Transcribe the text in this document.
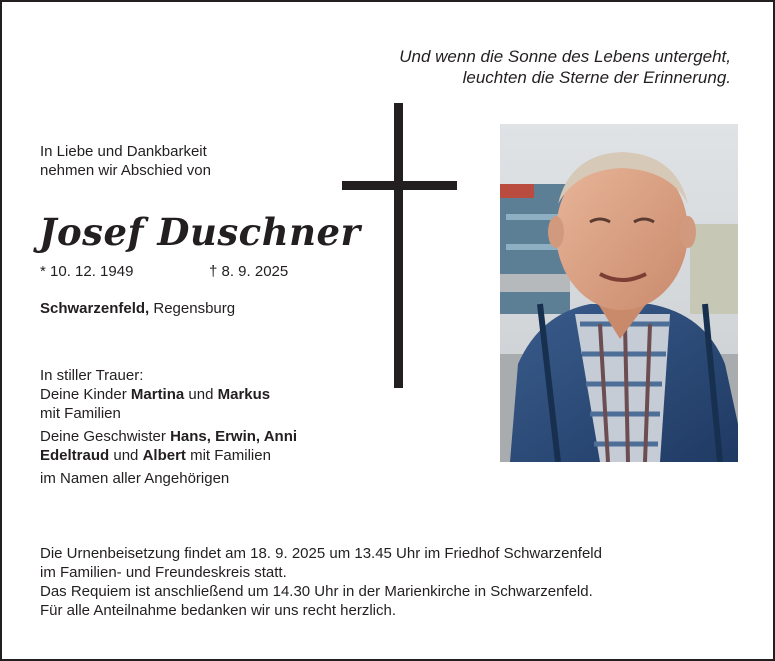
Und wenn die Sonne des Lebens untergeht,
leuchten die Sterne der Erinnerung.
In Liebe und Dankbarkeit
nehmen wir Abschied von
Josef Duschner
* 10. 12. 1949	† 8. 9. 2025
Schwarzenfeld, Regensburg
In stiller Trauer:
Deine Kinder Martina und Markus
mit Familien
Deine Geschwister Hans, Erwin, Anni
Edeltraud und Albert mit Familien
im Namen aller Angehörigen
Die Urnenbeisetzung findet am 18. 9. 2025 um 13.45 Uhr im Friedhof Schwarzenfeld
im Familien- und Freundeskreis statt.
Das Requiem ist anschließend um 14.30 Uhr in der Marienkirche in Schwarzenfeld.
Für alle Anteilnahme bedanken wir uns recht herzlich.
